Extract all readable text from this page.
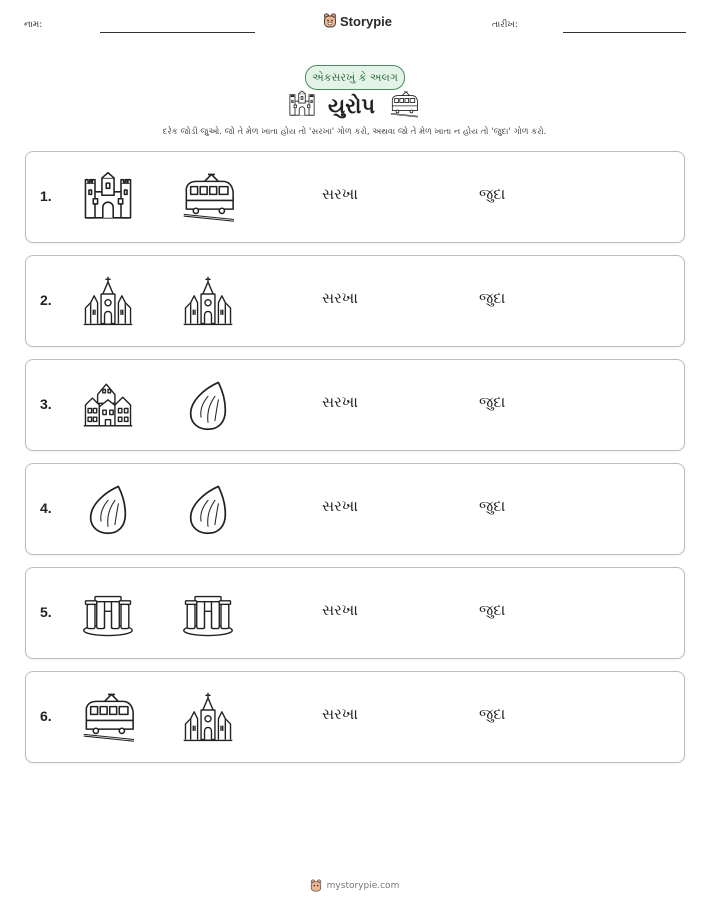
નામ:	Storypie	તારીખ:
એકસરખું કે અલગ
યુરોપ
દરેક જોડી જુઓ. જો તે મેળ ખાતા હોય તો 'સરખા' ગોળ કરો, અથવા જો તે મેળ ખાતા ન હોય તો 'જુદા' ગોળ કરો.
1.	સરખા	જુદા
2.	સરખા	જુદા
3.	સરખા	જુદા
4.	સરખા	જુદા
5.	સરખા	જુદા
6.	સરખા	જુદા
mystorypie.com
